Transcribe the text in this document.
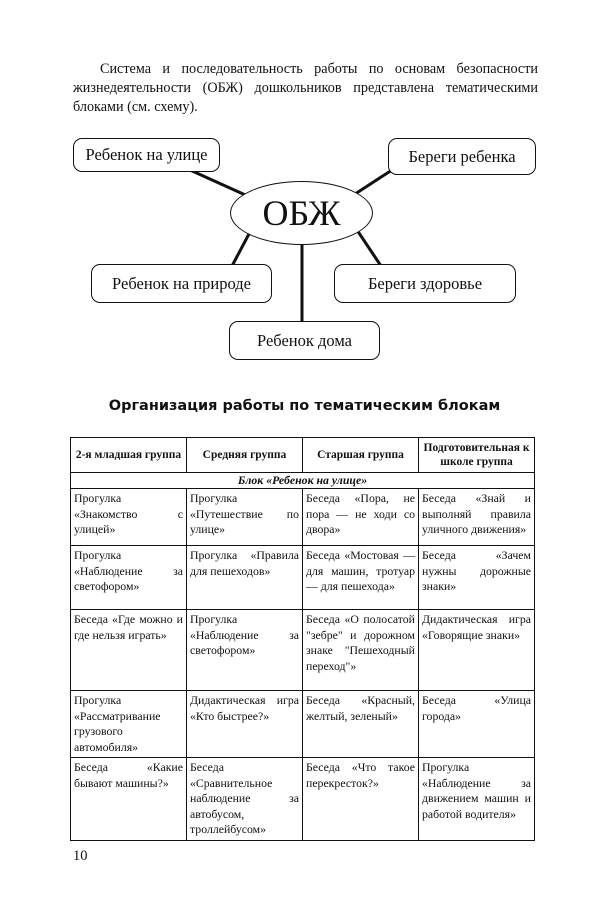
Система и последовательность работы по основам безопасности жизнедеятельности (ОБЖ) дошкольников представлена тематическими блоками (см. схему).

Ребенок на улице	Береги ребенка
ОБЖ
Ребенок на природе	Береги здоровье
Ребенок дома
Организация работы по тематическим блокам
2-я младшая группа	Средняя группа	Старшая группа	Подготовительная к школе группа
Блок «Ребенок на улице»			
Прогулка «Знакомство с улицей»	Прогулка «Путешествие по улице»	Беседа «Пора, не пора — не ходи со двора»	Беседа «Знай и выполняй правила уличного движения»
Прогулка «Наблюдение за светофором»	Прогулка «Правила для пешеходов»	Беседа «Мостовая — для машин, тротуар — для пешехода»	Беседа «Зачем нужны дорожные знаки»
Беседа «Где можно и где нельзя играть»	Прогулка «Наблюдение за светофором»	Беседа «О полосатой "зебре" и дорожном знаке "Пешеходный переход"»	Дидактическая игра «Говорящие знаки»
Прогулка «Рассматривание грузового автомобиля»	Дидактическая игра «Кто быстрее?»	Беседа «Красный, желтый, зеленый»	Беседа «Улица города»
Беседа «Какие бывают машины?»	Беседа «Сравнительное наблюдение за автобусом, троллейбусом»	Беседа «Что такое перекресток?»	Прогулка «Наблюдение за движением машин и работой водителя»
10
